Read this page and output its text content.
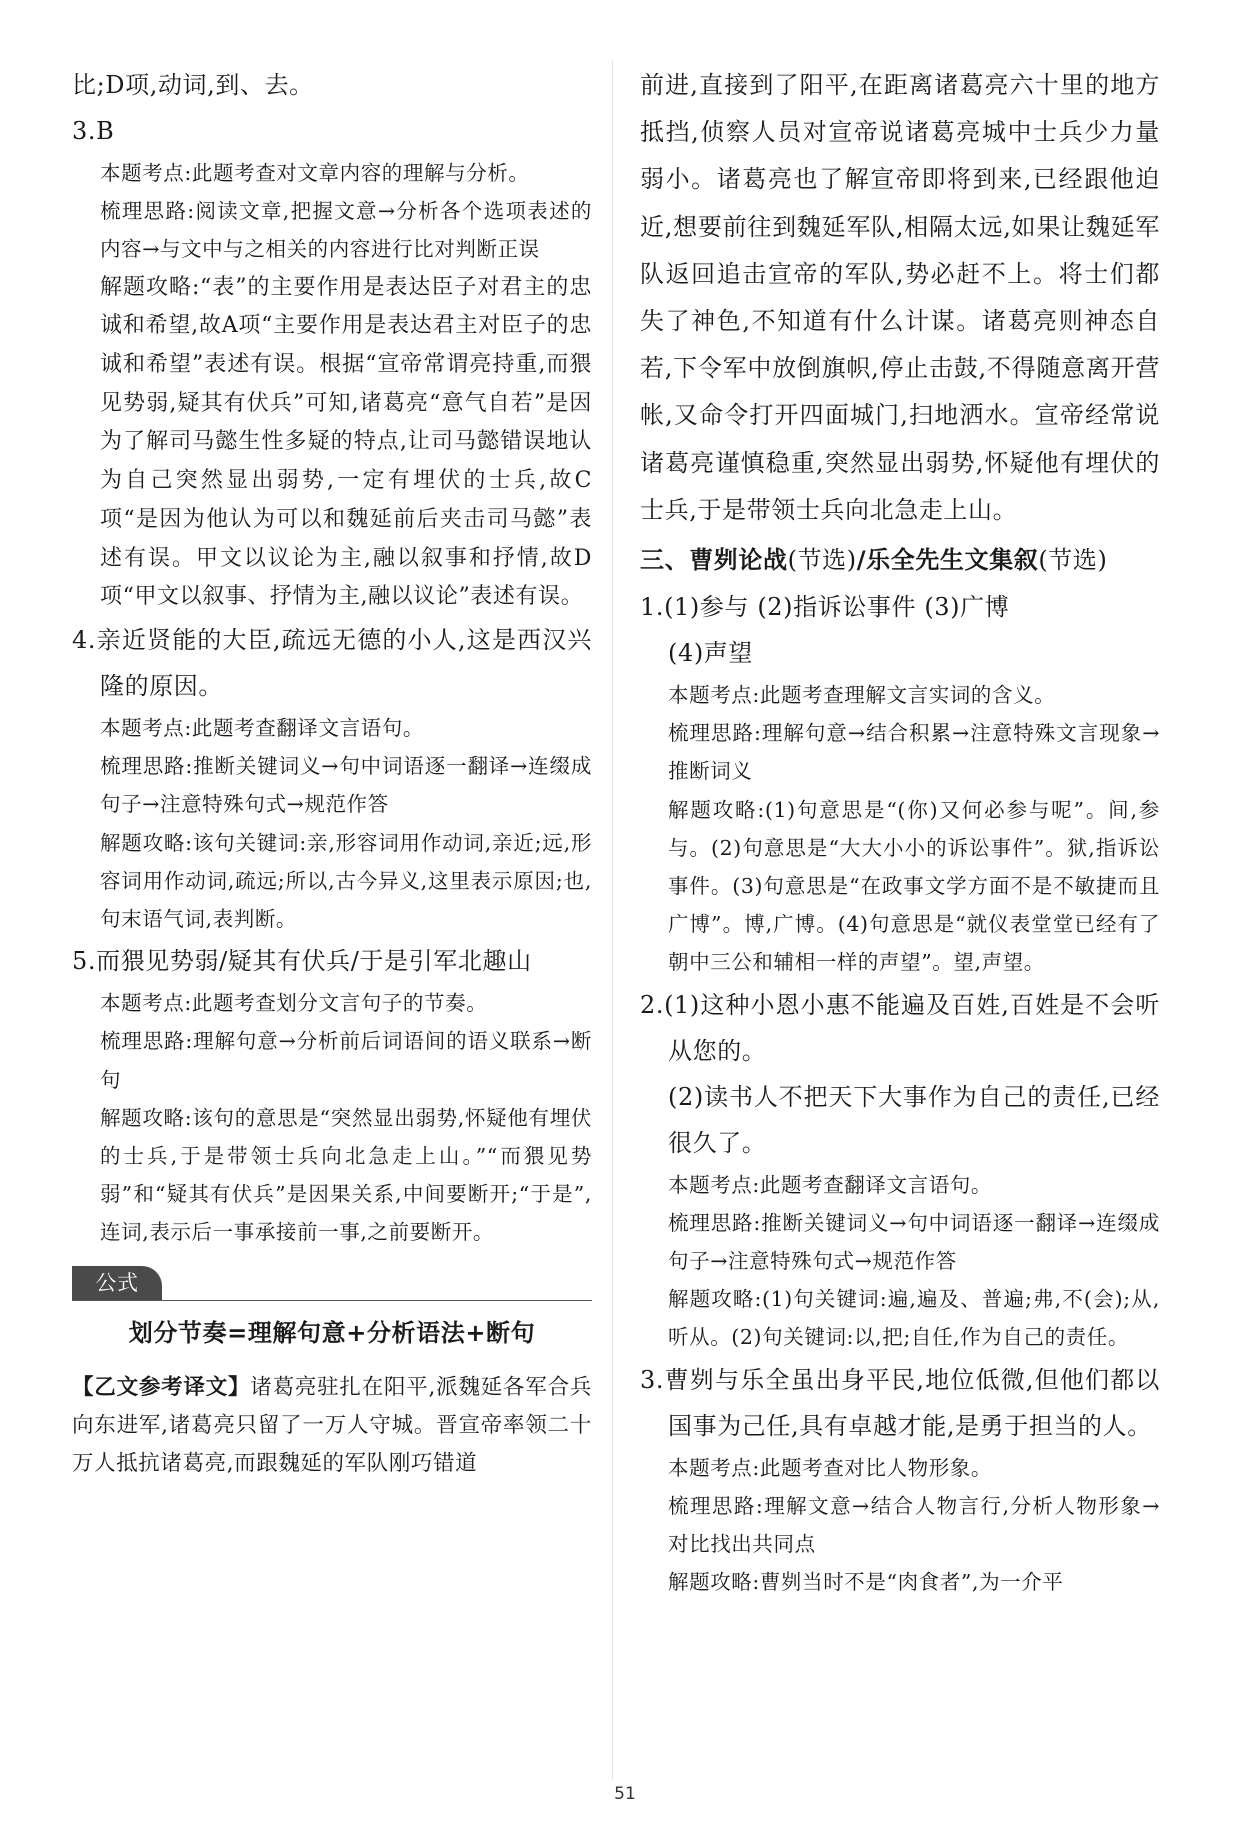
比;D项,动词,到、去。

3.B

本题考点:此题考查对文章内容的理解与分析。

梳理思路:阅读文章,把握文意→分析各个选项表述的内容→与文中与之相关的内容进行比对判断正误

解题攻略:“表”的主要作用是表达臣子对君主的忠诚和希望,故A项“主要作用是表达君主对臣子的忠诚和希望”表述有误。根据“宣帝常谓亮持重,而猥见势弱,疑其有伏兵”可知,诸葛亮“意气自若”是因为了解司马懿生性多疑的特点,让司马懿错误地认为自己突然显出弱势,一定有埋伏的士兵,故C项“是因为他认为可以和魏延前后夹击司马懿”表述有误。甲文以议论为主,融以叙事和抒情,故D项“甲文以叙事、抒情为主,融以议论”表述有误。

4.亲近贤能的大臣,疏远无德的小人,这是西汉兴隆的原因。

本题考点:此题考查翻译文言语句。

梳理思路:推断关键词义→句中词语逐一翻译→连缀成句子→注意特殊句式→规范作答

解题攻略:该句关键词:亲,形容词用作动词,亲近;远,形容词用作动词,疏远;所以,古今异义,这里表示原因;也,句末语气词,表判断。

5.而猥见势弱/疑其有伏兵/于是引军北趣山

本题考点:此题考查划分文言句子的节奏。

梳理思路:理解句意→分析前后词语间的语义联系→断句

解题攻略:该句的意思是“突然显出弱势,怀疑他有埋伏的士兵,于是带领士兵向北急走上山。”“而猥见势弱”和“疑其有伏兵”是因果关系,中间要断开;“于是”,连词,表示后一事承接前一事,之前要断开。

公式

划分节奏=理解句意+分析语法+断句

【乙文参考译文】诸葛亮驻扎在阳平,派魏延各军合兵向东进军,诸葛亮只留了一万人守城。晋宣帝率领二十万人抵抗诸葛亮,而跟魏延的军队刚巧错道

前进,直接到了阳平,在距离诸葛亮六十里的地方抵挡,侦察人员对宣帝说诸葛亮城中士兵少力量弱小。诸葛亮也了解宣帝即将到来,已经跟他迫近,想要前往到魏延军队,相隔太远,如果让魏延军队返回追击宣帝的军队,势必赶不上。将士们都失了神色,不知道有什么计谋。诸葛亮则神态自若,下令军中放倒旗帜,停止击鼓,不得随意离开营帐,又命令打开四面城门,扫地洒水。宣帝经常说诸葛亮谨慎稳重,突然显出弱势,怀疑他有埋伏的士兵,于是带领士兵向北急走上山。

三、曹刿论战(节选)/乐全先生文集叙(节选)

1.(1)参与 (2)指诉讼事件 (3)广博

(4)声望

本题考点:此题考查理解文言实词的含义。

梳理思路:理解句意→结合积累→注意特殊文言现象→推断词义

解题攻略:(1)句意思是“(你)又何必参与呢”。间,参与。(2)句意思是“大大小小的诉讼事件”。狱,指诉讼事件。(3)句意思是“在政事文学方面不是不敏捷而且广博”。博,广博。(4)句意思是“就仪表堂堂已经有了朝中三公和辅相一样的声望”。望,声望。

2.(1)这种小恩小惠不能遍及百姓,百姓是不会听从您的。

(2)读书人不把天下大事作为自己的责任,已经很久了。

本题考点:此题考查翻译文言语句。

梳理思路:推断关键词义→句中词语逐一翻译→连缀成句子→注意特殊句式→规范作答

解题攻略:(1)句关键词:遍,遍及、普遍;弗,不(会);从,听从。(2)句关键词:以,把;自任,作为自己的责任。

3.曹刿与乐全虽出身平民,地位低微,但他们都以国事为己任,具有卓越才能,是勇于担当的人。

本题考点:此题考查对比人物形象。

梳理思路:理解文意→结合人物言行,分析人物形象→对比找出共同点

解题攻略:曹刿当时不是“肉食者”,为一介平

51
